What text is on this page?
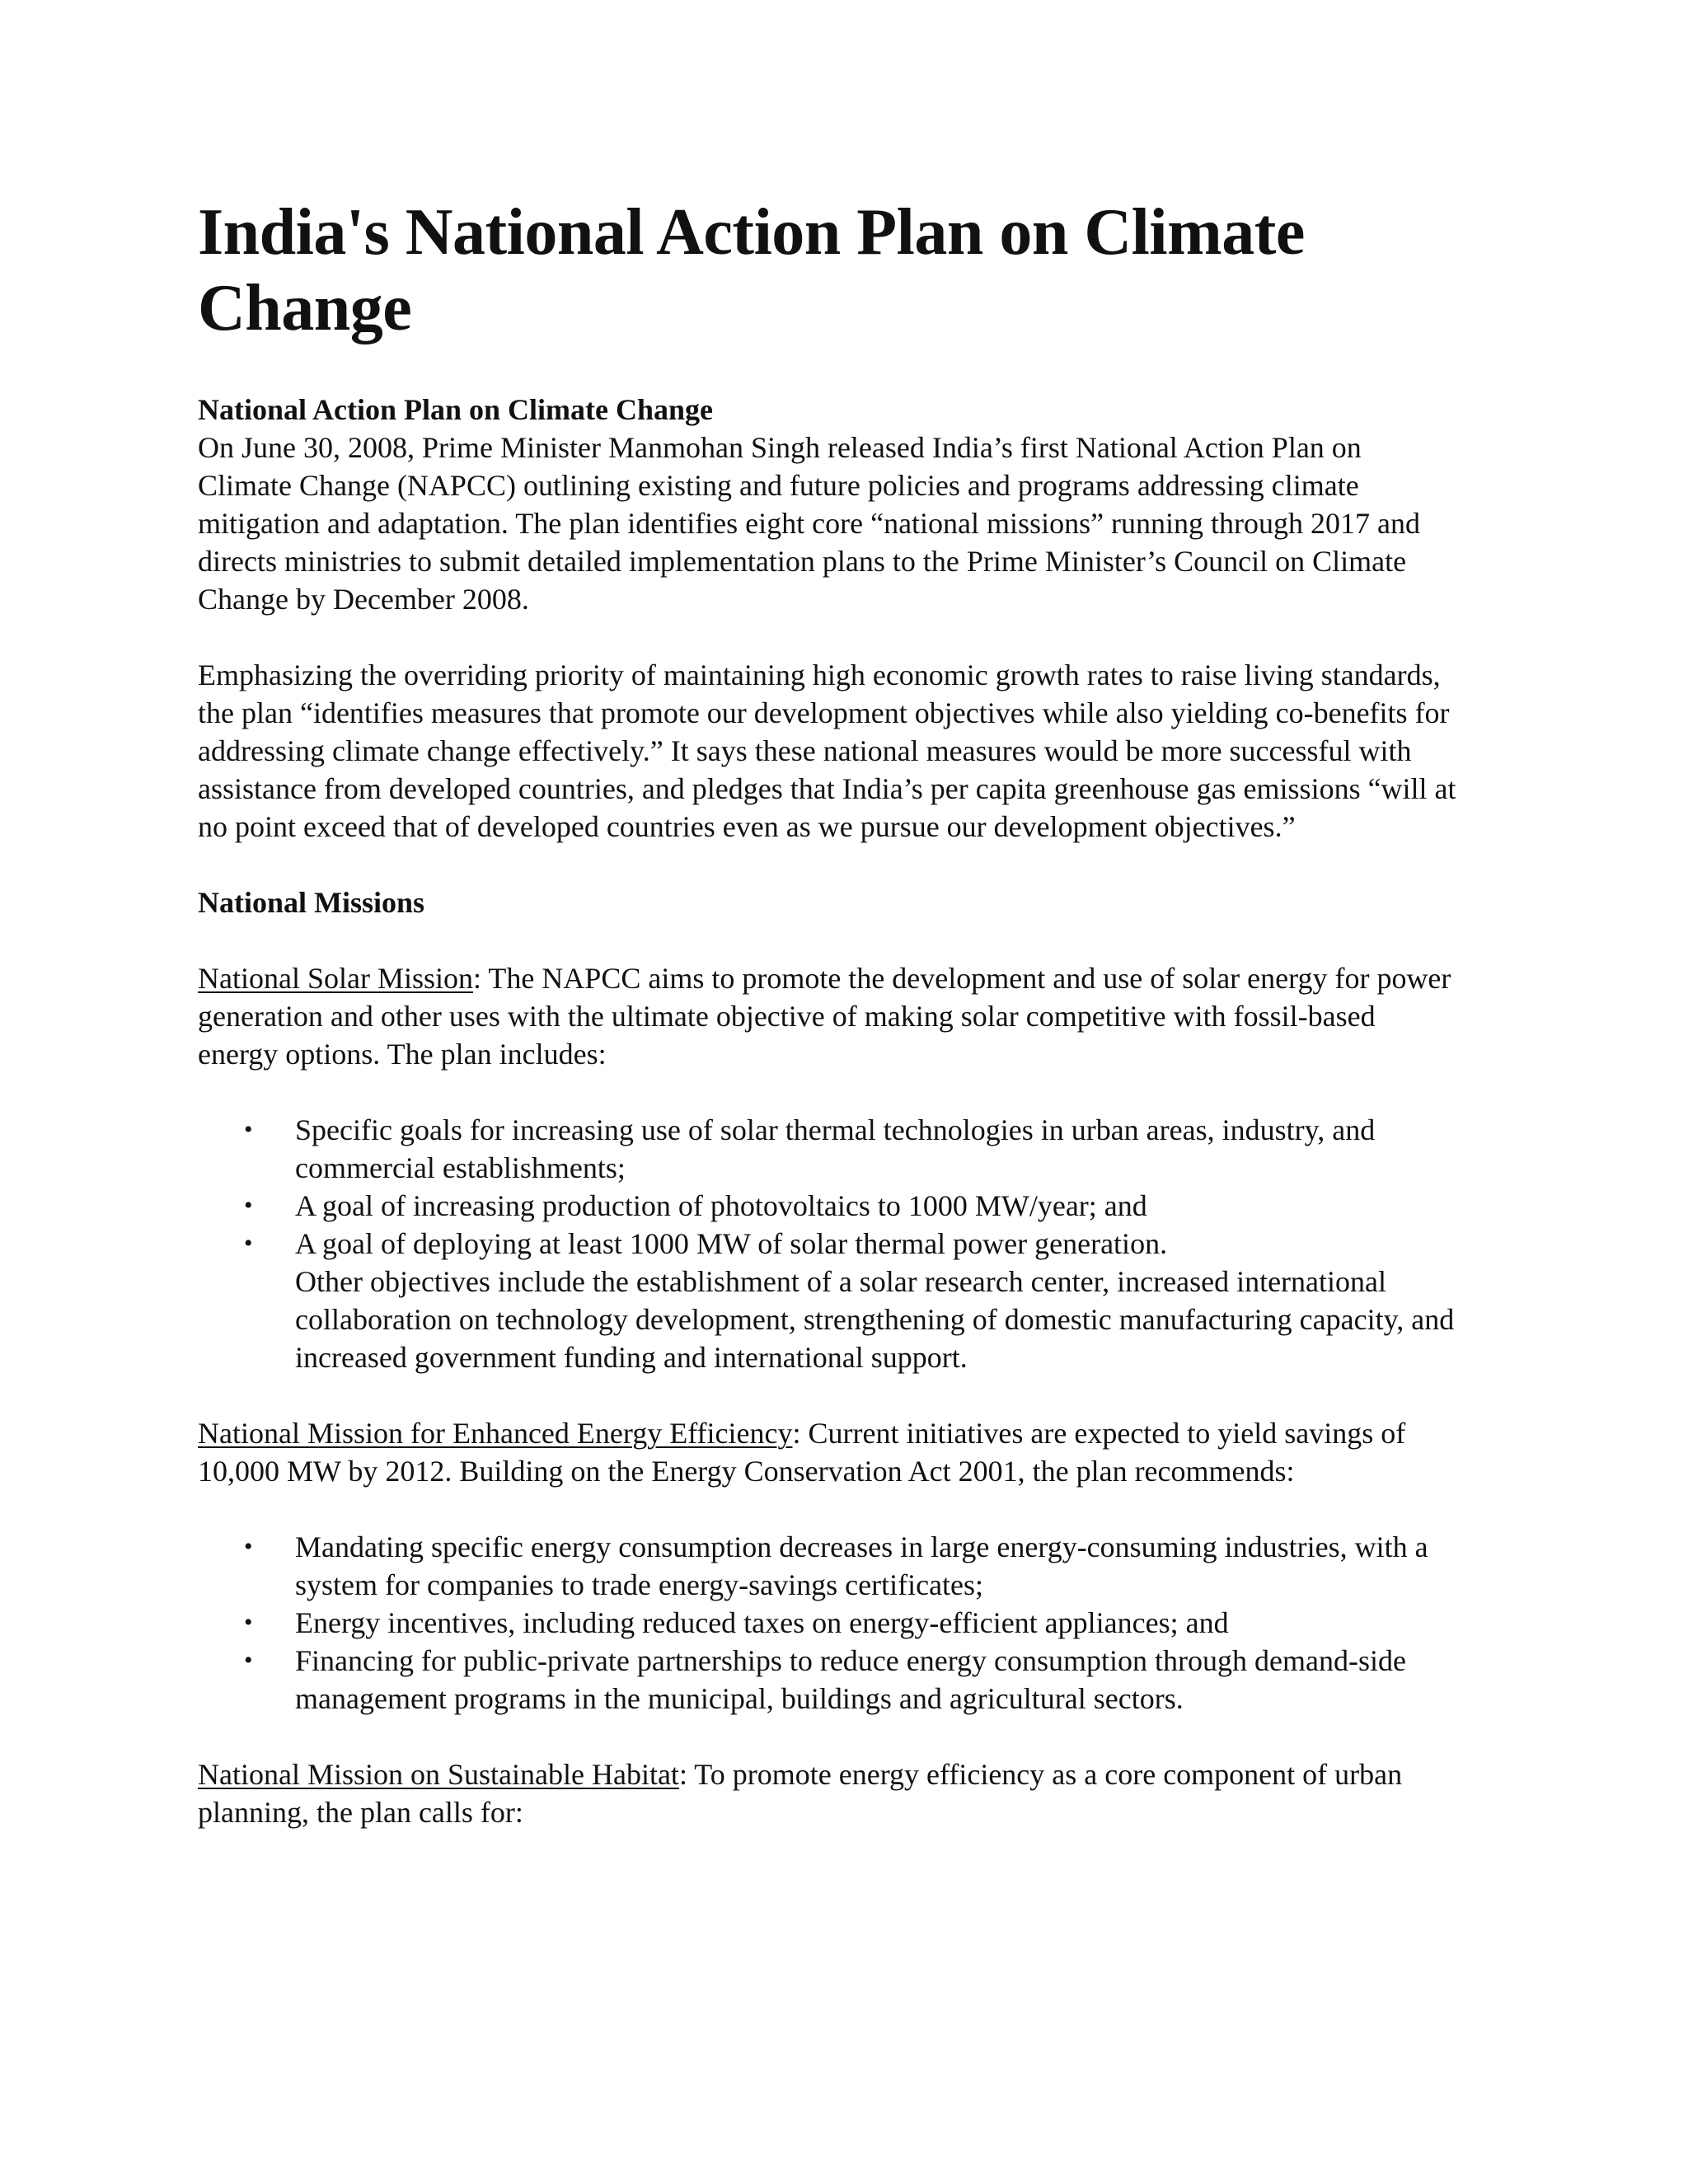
India's National Action Plan on Climate Change
National Action Plan on Climate Change

On June 30, 2008, Prime Minister Manmohan Singh released India’s first National Action Plan on Climate Change (NAPCC) outlining existing and future policies and programs addressing climate mitigation and adaptation. The plan identifies eight core “national missions” running through 2017 and directs ministries to submit detailed implementation plans to the Prime Minister’s Council on Climate Change by December 2008.

Emphasizing the overriding priority of maintaining high economic growth rates to raise living standards, the plan “identifies measures that promote our development objectives while also yielding co-benefits for addressing climate change effectively.” It says these national measures would be more successful with assistance from developed countries, and pledges that India’s per capita greenhouse gas emissions “will at no point exceed that of developed countries even as we pursue our development objectives.”

National Missions

National Solar Mission: The NAPCC aims to promote the development and use of solar energy for power generation and other uses with the ultimate objective of making solar competitive with fossil-based energy options. The plan includes:

• Specific goals for increasing use of solar thermal technologies in urban areas, industry, and commercial establishments;
• A goal of increasing production of photovoltaics to 1000 MW/year; and
• A goal of deploying at least 1000 MW of solar thermal power generation.
Other objectives include the establishment of a solar research center, increased international collaboration on technology development, strengthening of domestic manufacturing capacity, and increased government funding and international support.

National Mission for Enhanced Energy Efficiency: Current initiatives are expected to yield savings of 10,000 MW by 2012. Building on the Energy Conservation Act 2001, the plan recommends:

• Mandating specific energy consumption decreases in large energy-consuming industries, with a system for companies to trade energy-savings certificates;
• Energy incentives, including reduced taxes on energy-efficient appliances; and
• Financing for public-private partnerships to reduce energy consumption through demand-side management programs in the municipal, buildings and agricultural sectors.

National Mission on Sustainable Habitat: To promote energy efficiency as a core component of urban planning, the plan calls for:
